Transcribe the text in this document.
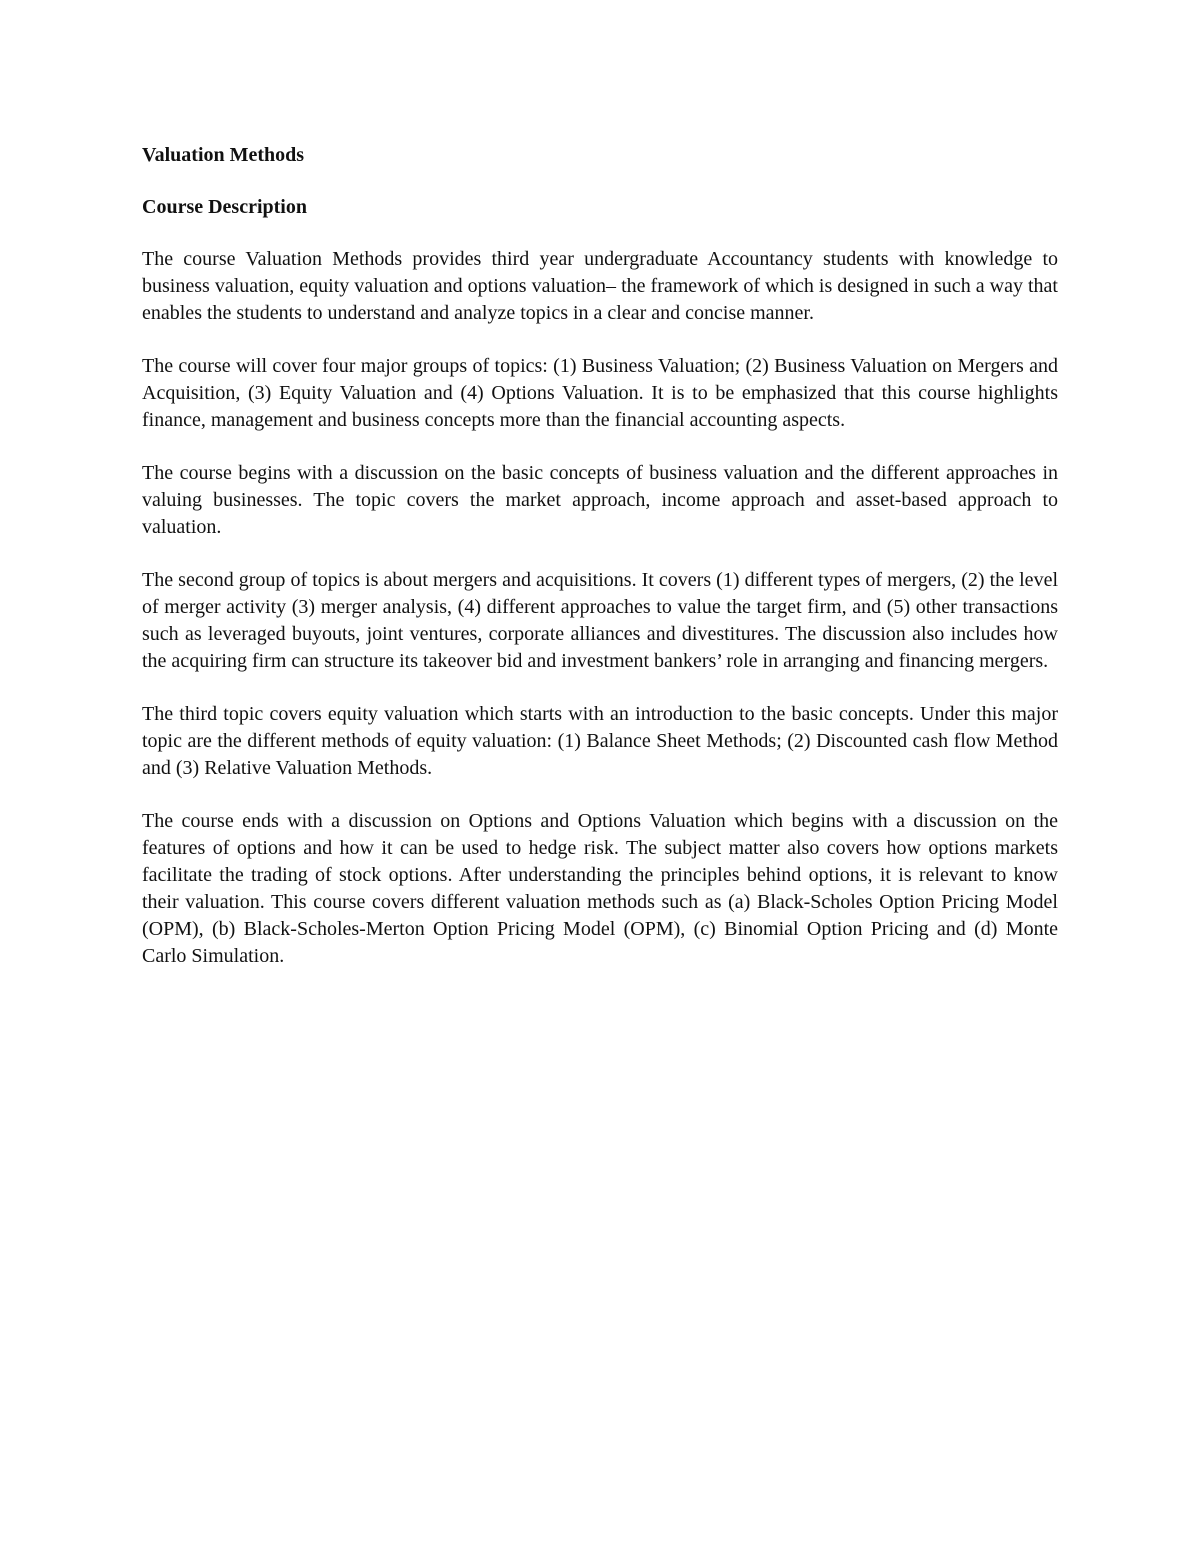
Valuation Methods
Course Description

The course Valuation Methods provides third year undergraduate Accountancy students with knowledge to business valuation, equity valuation and options valuation– the framework of which is designed in such a way that enables the students to understand and analyze topics in a clear and concise manner.

The course will cover four major groups of topics: (1) Business Valuation; (2) Business Valuation on Mergers and Acquisition, (3) Equity Valuation and (4) Options Valuation. It is to be emphasized that this course highlights finance, management and business concepts more than the financial accounting aspects.

The course begins with a discussion on the basic concepts of business valuation and the different approaches in valuing businesses. The topic covers the market approach, income approach and asset-based approach to valuation.

The second group of topics is about mergers and acquisitions. It covers (1) different types of mergers, (2) the level of merger activity (3) merger analysis, (4) different approaches to value the target firm, and (5) other transactions such as leveraged buyouts, joint ventures, corporate alliances and divestitures. The discussion also includes how the acquiring firm can structure its takeover bid and investment bankers’ role in arranging and financing mergers.

The third topic covers equity valuation which starts with an introduction to the basic concepts. Under this major topic are the different methods of equity valuation: (1) Balance Sheet Methods; (2) Discounted cash flow Method and (3) Relative Valuation Methods.

The course ends with a discussion on Options and Options Valuation which begins with a discussion on the features of options and how it can be used to hedge risk. The subject matter also covers how options markets facilitate the trading of stock options. After understanding the principles behind options, it is relevant to know their valuation. This course covers different valuation methods such as (a) Black-Scholes Option Pricing Model (OPM), (b) Black-Scholes-Merton Option Pricing Model (OPM), (c) Binomial Option Pricing and (d) Monte Carlo Simulation.
